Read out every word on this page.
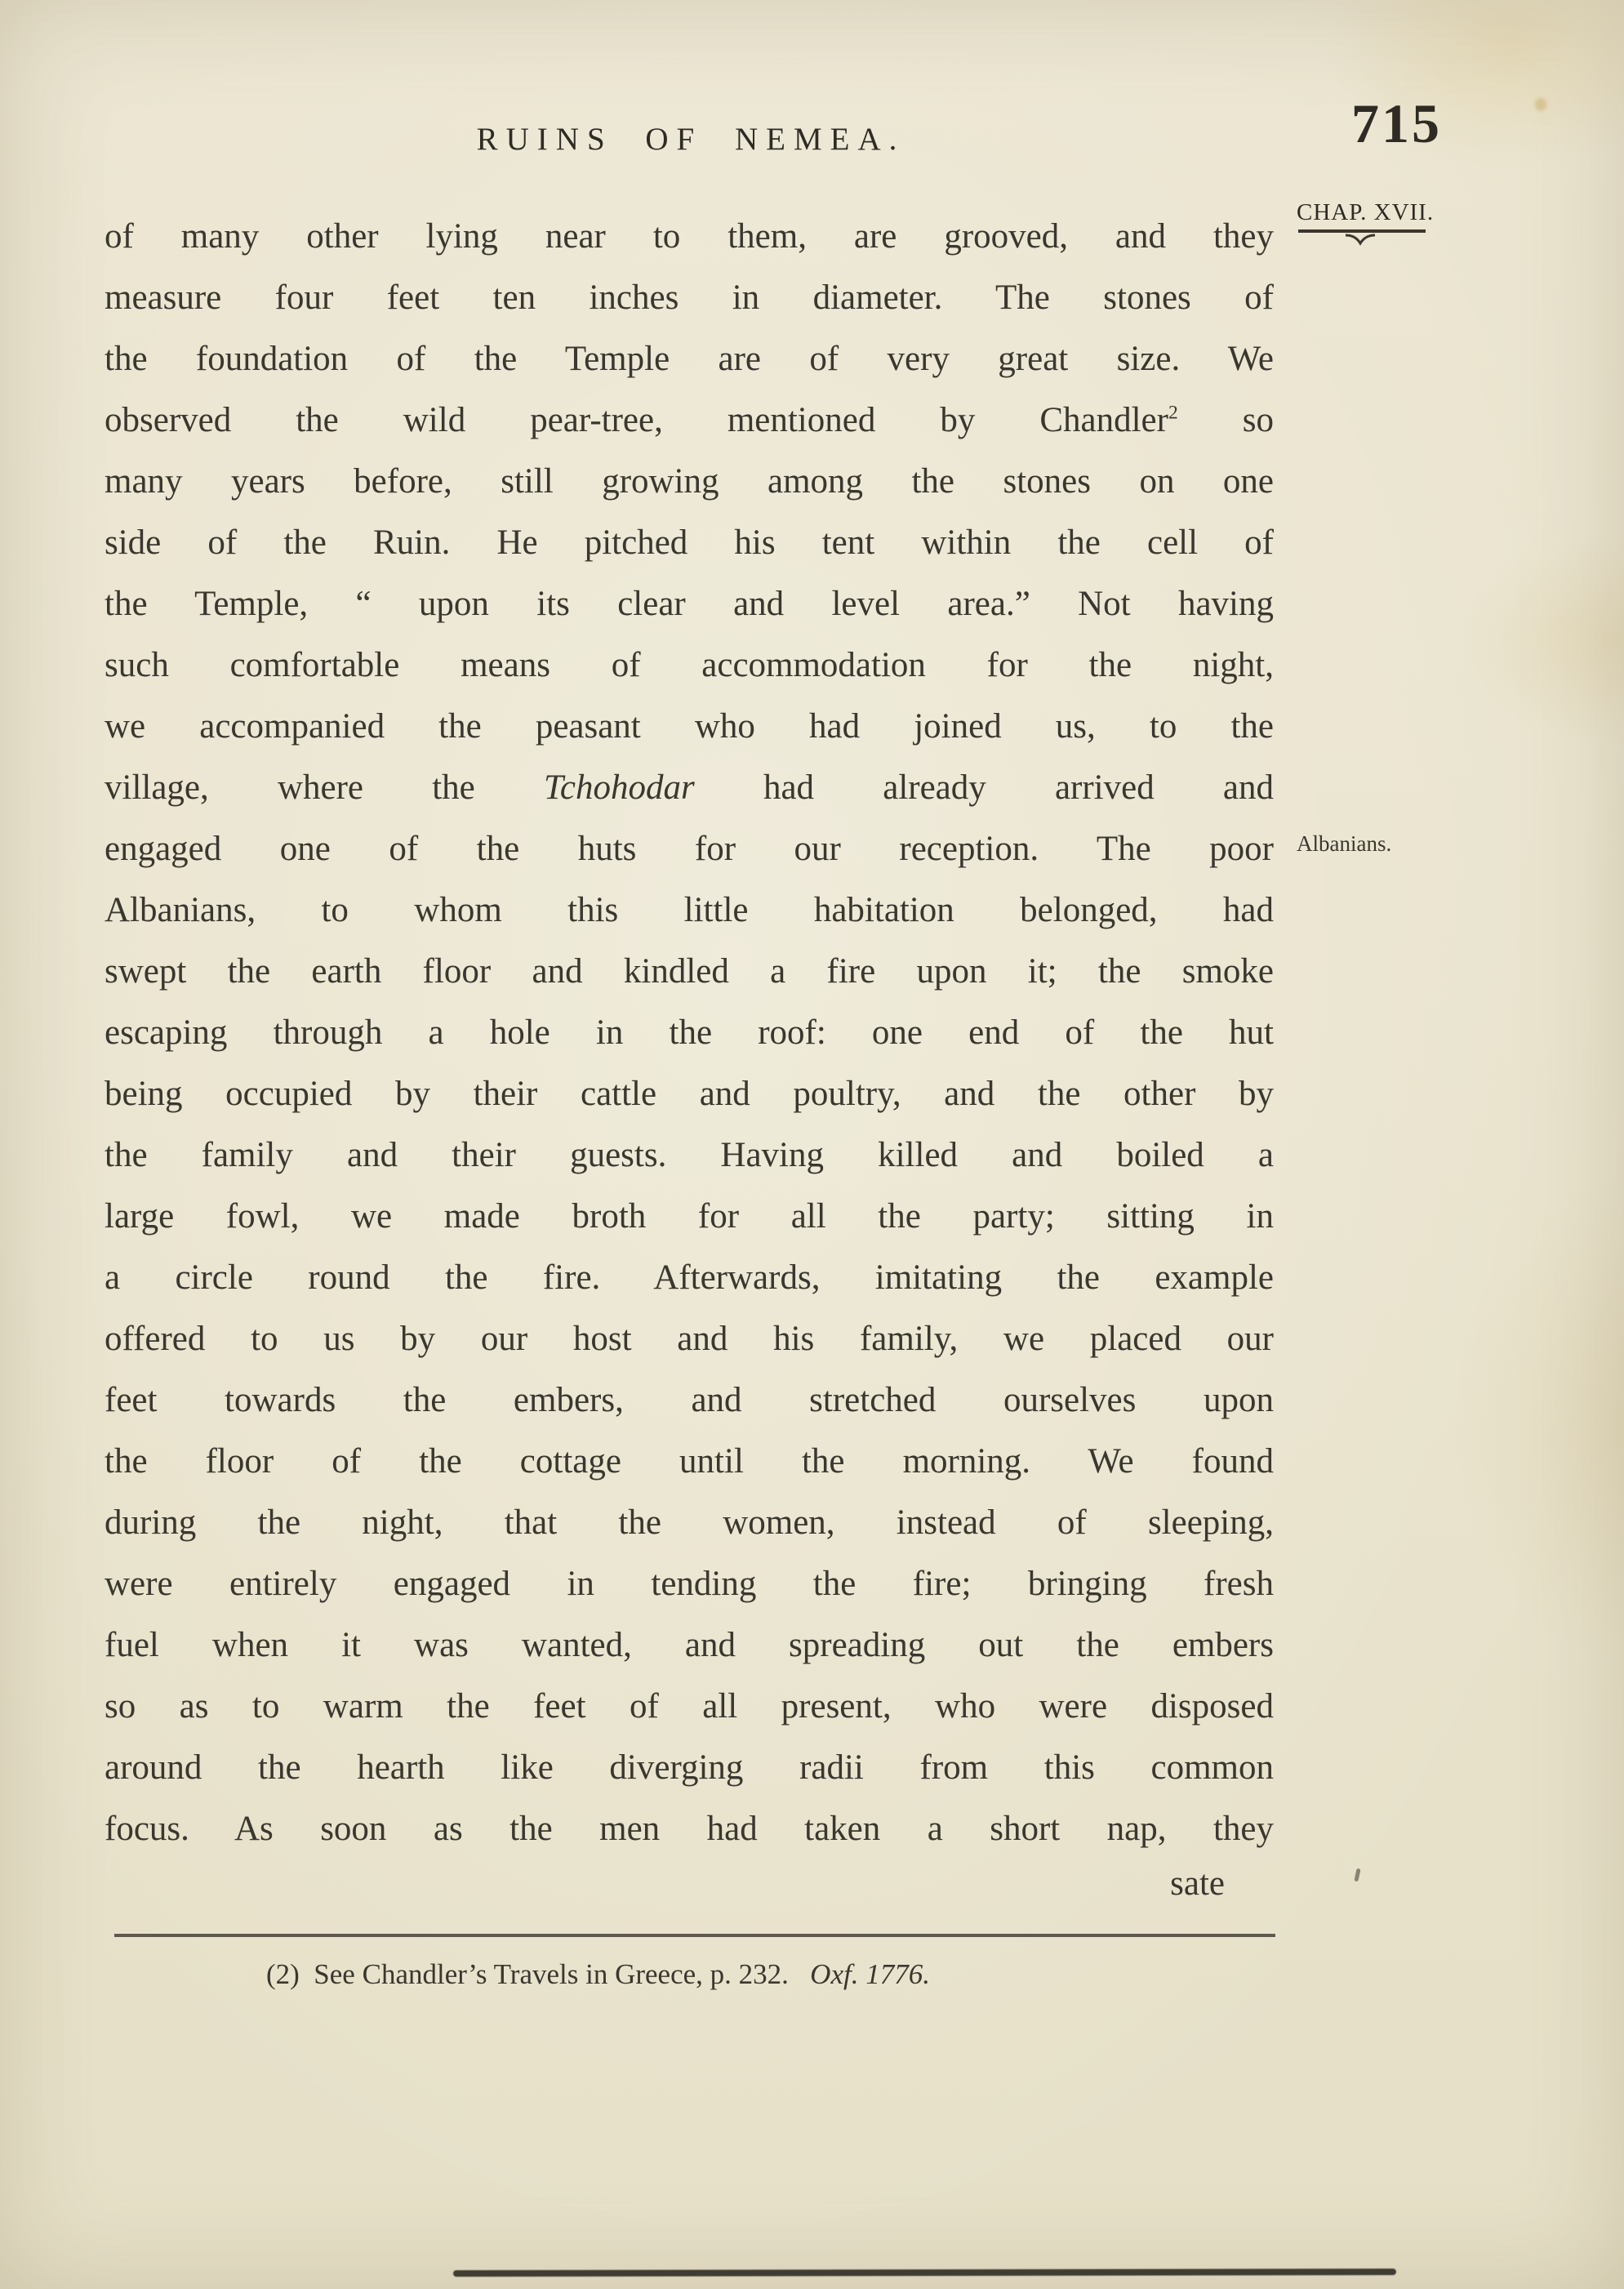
RUINS OF NEMEA.	715
CHAP. XVII.
of many other lying near to them, are grooved, and they
measure four feet ten inches in diameter. The stones of
the foundation of the Temple are of very great size. We
observed the wild pear-tree, mentioned by Chandler$^2$ so
many years before, still growing among the stones on one
side of the Ruin. He pitched his tent within the cell of
the Temple, “ upon its clear and level area.” Not having
such comfortable means of accommodation for the night,
we accompanied the peasant who had joined us, to the
village, where the Tchohodar had already arrived and
engaged one of the huts for our reception. The poor
Albanians, to whom this little habitation belonged, had
swept the earth floor and kindled a fire upon it; the smoke
escaping through a hole in the roof: one end of the hut
being occupied by their cattle and poultry, and the other by
the family and their guests. Having killed and boiled a
large fowl, we made broth for all the party; sitting in
a circle round the fire. Afterwards, imitating the example
offered to us by our host and his family, we placed our
feet towards the embers, and stretched ourselves upon
the floor of the cottage until the morning. We found
during the night, that the women, instead of sleeping,
were entirely engaged in tending the fire; bringing fresh
fuel when it was wanted, and spreading out the embers
so as to warm the feet of all present, who were disposed
around the hearth like diverging radii from this common
focus. As soon as the men had taken a short nap, they
Albanians.
sate
(2)  See Chandler’s Travels in Greece, p. 232.   Oxf. 1776.
